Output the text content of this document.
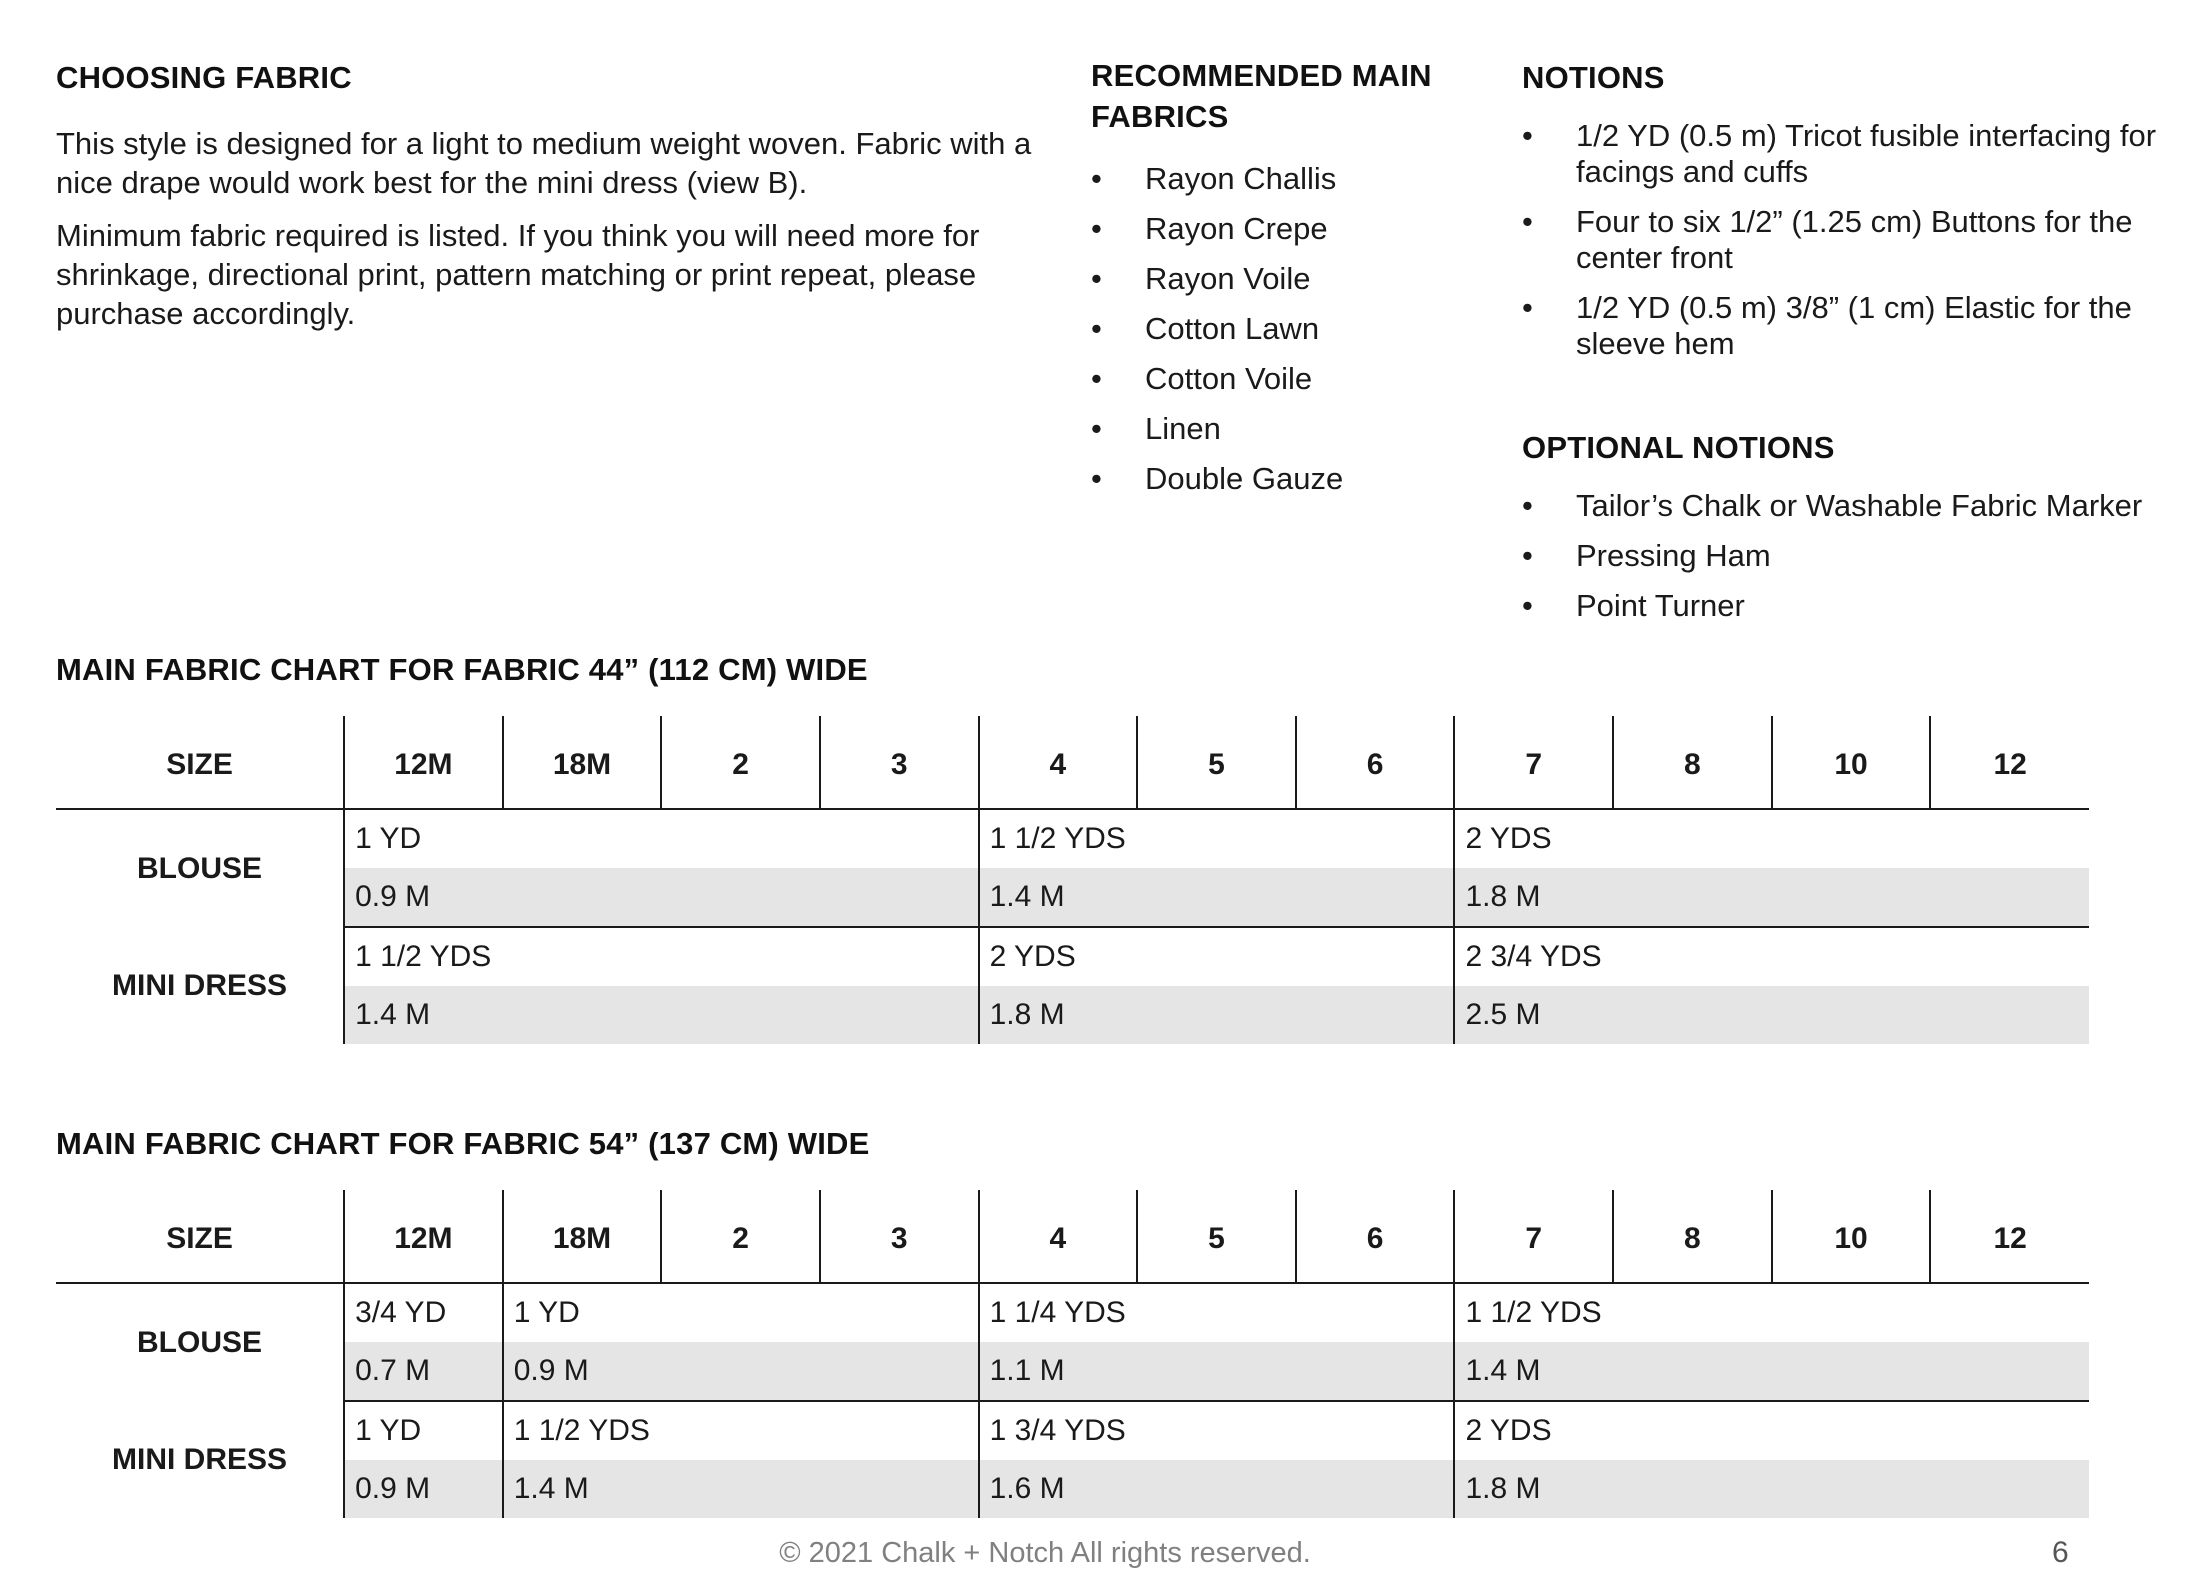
CHOOSING FABRIC

This style is designed for a light to medium weight woven. Fabric with a nice drape would work best for the mini dress (view B).

Minimum fabric required is listed. If you think you will need more for shrinkage, directional print, pattern matching or print repeat, please purchase accordingly.

RECOMMENDED MAIN FABRICS
• Rayon Challis
• Rayon Crepe
• Rayon Voile
• Cotton Lawn
• Cotton Voile
• Linen
• Double Gauze
NOTIONS
• 1/2 YD (0.5 m) Tricot fusible interfacing for facings and cuffs
• Four to six 1/2” (1.25 cm) Buttons for the center front
• 1/2 YD (0.5 m) 3/8” (1 cm) Elastic for the sleeve hem
OPTIONAL NOTIONS
• Tailor’s Chalk or Washable Fabric Marker
• Pressing Ham
• Point Turner
MAIN FABRIC CHART FOR FABRIC 44” (112 CM) WIDE
SIZE	12M	18M	2	3	4	5	6	7	8	10	12
BLOUSE	1 YD				1 1/2 YDS			2 YDS			
	0.9 M				1.4 M			1.8 M			
MINI DRESS	1 1/2 YDS				2 YDS			2 3/4 YDS			
	1.4 M				1.8 M			2.5 M			
MAIN FABRIC CHART FOR FABRIC 54” (137 CM) WIDE
SIZE	12M	18M	2	3	4	5	6	7	8	10	12
BLOUSE	3/4 YD	1 YD			1 1/4 YDS			1 1/2 YDS			
	0.7 M	0.9 M			1.1 M			1.4 M			
MINI DRESS	1 YD	1 1/2 YDS			1 3/4 YDS			2 YDS			
	0.9 M	1.4 M			1.6 M			1.8 M			
© 2021 Chalk + Notch All rights reserved.	6
